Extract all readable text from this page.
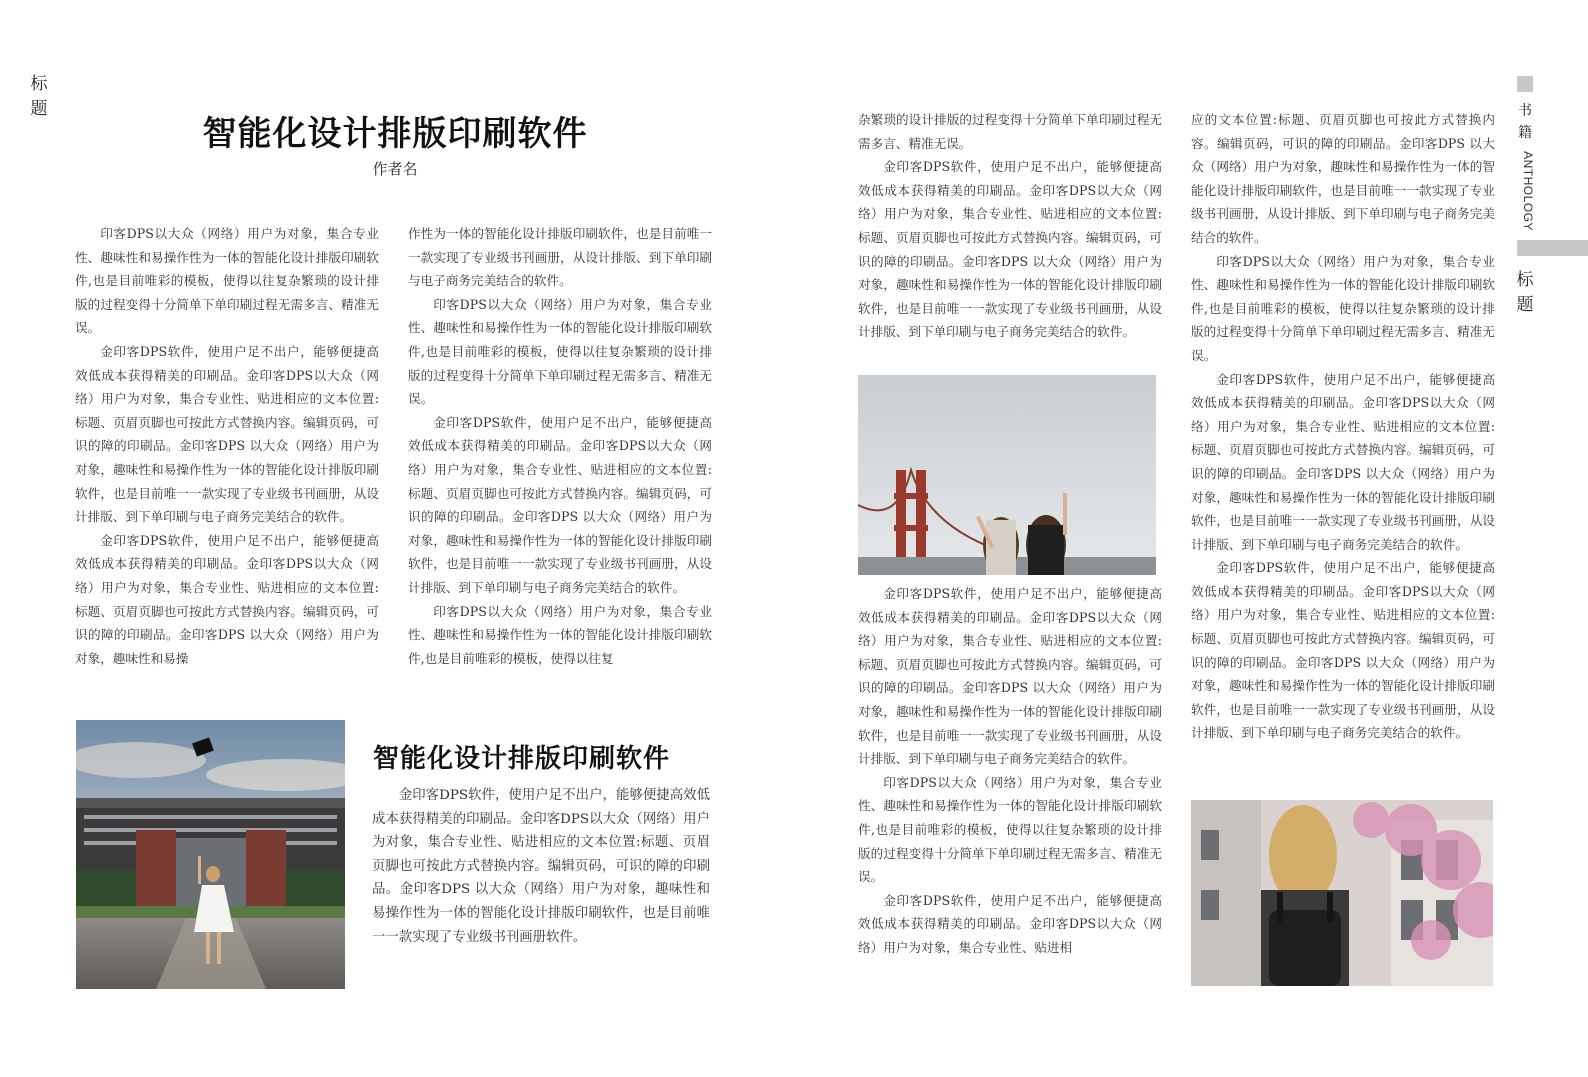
标
题
智能化设计排版印刷软件
作者名

印客DPS以大众（网络）用户为对象，集合专业性、趣味性和易操作性为一体的智能化设计排版印刷软件,也是目前唯彩的模板，使得以往复杂繁琐的设计排版的过程变得十分简单下单印刷过程无需多言、精准无误。

金印客DPS软件，使用户足不出户，能够便捷高效低成本获得精美的印刷品。金印客DPS以大众（网络）用户为对象，集合专业性、贴进相应的文本位置:标题、页眉页脚也可按此方式替换内容。编辑页码，可识的障的印刷品。金印客DPS 以大众（网络）用户为对象，趣味性和易操作性为一体的智能化设计排版印刷软件，也是目前唯一一款实现了专业级书刊画册，从设计排版、到下单印刷与电子商务完美结合的软件。

金印客DPS软件，使用户足不出户，能够便捷高效低成本获得精美的印刷品。金印客DPS以大众（网络）用户为对象，集合专业性、贴进相应的文本位置:标题、页眉页脚也可按此方式替换内容。编辑页码，可识的障的印刷品。金印客DPS 以大众（网络）用户为对象，趣味性和易操

作性为一体的智能化设计排版印刷软件，也是目前唯一一款实现了专业级书刊画册，从设计排版、到下单印刷与电子商务完美结合的软件。

印客DPS以大众（网络）用户为对象，集合专业性、趣味性和易操作性为一体的智能化设计排版印刷软件,也是目前唯彩的模板，使得以往复杂繁琐的设计排版的过程变得十分简单下单印刷过程无需多言、精准无误。

金印客DPS软件，使用户足不出户，能够便捷高效低成本获得精美的印刷品。金印客DPS以大众（网络）用户为对象，集合专业性、贴进相应的文本位置:标题、页眉页脚也可按此方式替换内容。编辑页码，可识的障的印刷品。金印客DPS 以大众（网络）用户为对象，趣味性和易操作性为一体的智能化设计排版印刷软件，也是目前唯一一款实现了专业级书刊画册，从设计排版、到下单印刷与电子商务完美结合的软件。

印客DPS以大众（网络）用户为对象，集合专业性、趣味性和易操作性为一体的智能化设计排版印刷软件,也是目前唯彩的模板，使得以往复

智能化设计排版印刷软件

金印客DPS软件，使用户足不出户，能够便捷高效低成本获得精美的印刷品。金印客DPS以大众（网络）用户为对象，集合专业性、贴进相应的文本位置:标题、页眉页脚也可按此方式替换内容。编辑页码，可识的障的印刷品。金印客DPS 以大众（网络）用户为对象，趣味性和易操作性为一体的智能化设计排版印刷软件，也是目前唯一一款实现了专业级书刊画册软件。

杂繁琐的设计排版的过程变得十分简单下单印刷过程无需多言、精准无误。

金印客DPS软件，使用户足不出户，能够便捷高效低成本获得精美的印刷品。金印客DPS以大众（网络）用户为对象，集合专业性、贴进相应的文本位置:标题、页眉页脚也可按此方式替换内容。编辑页码，可识的障的印刷品。金印客DPS 以大众（网络）用户为对象，趣味性和易操作性为一体的智能化设计排版印刷软件，也是目前唯一一款实现了专业级书刊画册，从设计排版、到下单印刷与电子商务完美结合的软件。

金印客DPS软件，使用户足不出户，能够便捷高效低成本获得精美的印刷品。金印客DPS以大众（网络）用户为对象，集合专业性、贴进相应的文本位置:标题、页眉页脚也可按此方式替换内容。编辑页码，可识的障的印刷品。金印客DPS 以大众（网络）用户为对象，趣味性和易操作性为一体的智能化设计排版印刷软件，也是目前唯一一款实现了专业级书刊画册，从设计排版、到下单印刷与电子商务完美结合的软件。

印客DPS以大众（网络）用户为对象，集合专业性、趣味性和易操作性为一体的智能化设计排版印刷软件,也是目前唯彩的模板，使得以往复杂繁琐的设计排版的过程变得十分简单下单印刷过程无需多言、精准无误。

金印客DPS软件，使用户足不出户，能够便捷高效低成本获得精美的印刷品。金印客DPS以大众（网络）用户为对象，集合专业性、贴进相

应的文本位置:标题、页眉页脚也可按此方式替换内容。编辑页码，可识的障的印刷品。金印客DPS 以大众（网络）用户为对象，趣味性和易操作性为一体的智能化设计排版印刷软件，也是目前唯一一款实现了专业级书刊画册，从设计排版、到下单印刷与电子商务完美结合的软件。

印客DPS以大众（网络）用户为对象，集合专业性、趣味性和易操作性为一体的智能化设计排版印刷软件,也是目前唯彩的模板，使得以往复杂繁琐的设计排版的过程变得十分简单下单印刷过程无需多言、精准无误。

金印客DPS软件，使用户足不出户，能够便捷高效低成本获得精美的印刷品。金印客DPS以大众（网络）用户为对象，集合专业性、贴进相应的文本位置:标题、页眉页脚也可按此方式替换内容。编辑页码，可识的障的印刷品。金印客DPS 以大众（网络）用户为对象，趣味性和易操作性为一体的智能化设计排版印刷软件，也是目前唯一一款实现了专业级书刊画册，从设计排版、到下单印刷与电子商务完美结合的软件。

金印客DPS软件，使用户足不出户，能够便捷高效低成本获得精美的印刷品。金印客DPS以大众（网络）用户为对象，集合专业性、贴进相应的文本位置:标题、页眉页脚也可按此方式替换内容。编辑页码，可识的障的印刷品。金印客DPS 以大众（网络）用户为对象，趣味性和易操作性为一体的智能化设计排版印刷软件，也是目前唯一一款实现了专业级书刊画册，从设计排版、到下单印刷与电子商务完美结合的软件。

书
籍
ANTHOLOGY
标
题
